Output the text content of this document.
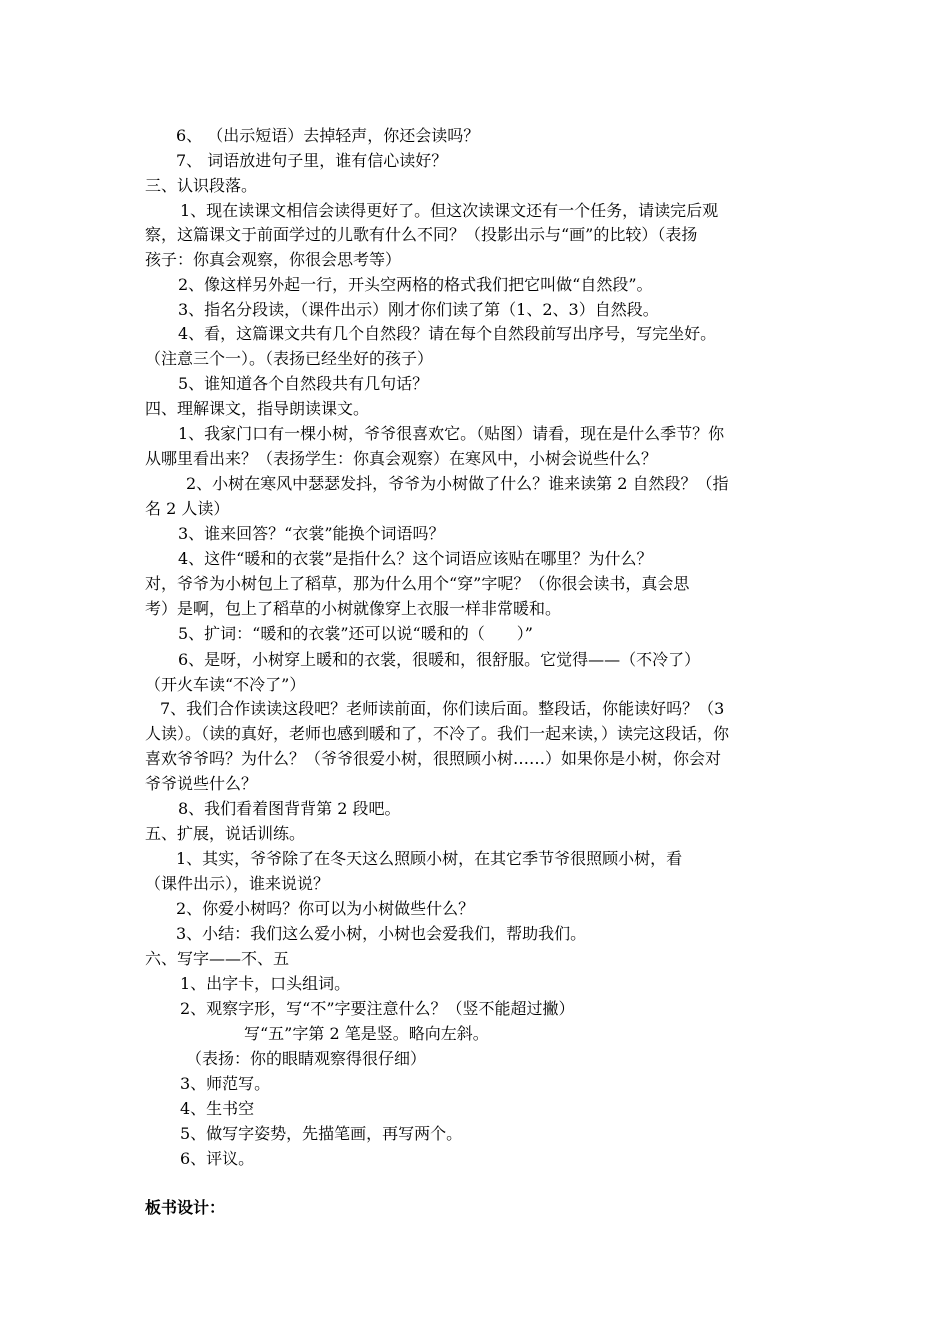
6、 （出示短语）去掉轻声，你还会读吗？

7、 词语放进句子里，谁有信心读好？

三、认识段落。

1、现在读课文相信会读得更好了。但这次读课文还有一个任务，请读完后观

察，这篇课文于前面学过的儿歌有什么不同？（投影出示与“画”的比较）（表扬

孩子：你真会观察，你很会思考等）

2、像这样另外起一行，开头空两格的格式我们把它叫做“自然段”。

3、指名分段读，（课件出示）刚才你们读了第（1、2、3）自然段。

4、看，这篇课文共有几个自然段？请在每个自然段前写出序号，写完坐好。

（注意三个一）。（表扬已经坐好的孩子）

5、谁知道各个自然段共有几句话？

四、理解课文，指导朗读课文。

1、我家门口有一棵小树，爷爷很喜欢它。（贴图）请看，现在是什么季节？你

从哪里看出来？（表扬学生：你真会观察）在寒风中，小树会说些什么？

2、小树在寒风中瑟瑟发抖，爷爷为小树做了什么？谁来读第 2 自然段？（指

名 2 人读）

3、谁来回答？“衣裳”能换个词语吗？

4、这件“暖和的衣裳”是指什么？这个词语应该贴在哪里？为什么？

对，爷爷为小树包上了稻草，那为什么用个“穿”字呢？（你很会读书，真会思

考）是啊，包上了稻草的小树就像穿上衣服一样非常暖和。

5、扩词：“暖和的衣裳”还可以说“暖和的（　　）”

6、是呀，小树穿上暖和的衣裳，很暖和，很舒服。它觉得——（不冷了）

（开火车读“不冷了”）

7、我们合作读读这段吧？老师读前面，你们读后面。整段话，你能读好吗？（3

人读）。（读的真好，老师也感到暖和了，不冷了。我们一起来读，）读完这段话，你

喜欢爷爷吗？为什么？（爷爷很爱小树，很照顾小树……）如果你是小树，你会对

爷爷说些什么？

8、我们看着图背背第 2 段吧。

五、扩展，说话训练。

1、其实，爷爷除了在冬天这么照顾小树，在其它季节爷很照顾小树，看

（课件出示），谁来说说？

2、你爱小树吗？你可以为小树做些什么？

3、小结：我们这么爱小树，小树也会爱我们，帮助我们。

六、写字——不、五

1、出字卡，口头组词。

2、观察字形，写“不”字要注意什么？（竖不能超过撇）

写“五”字第 2 笔是竖。略向左斜。

（表扬：你的眼睛观察得很仔细）

3、师范写。

4、生书空

5、做写字姿势，先描笔画，再写两个。

6、评议。

板书设计：
